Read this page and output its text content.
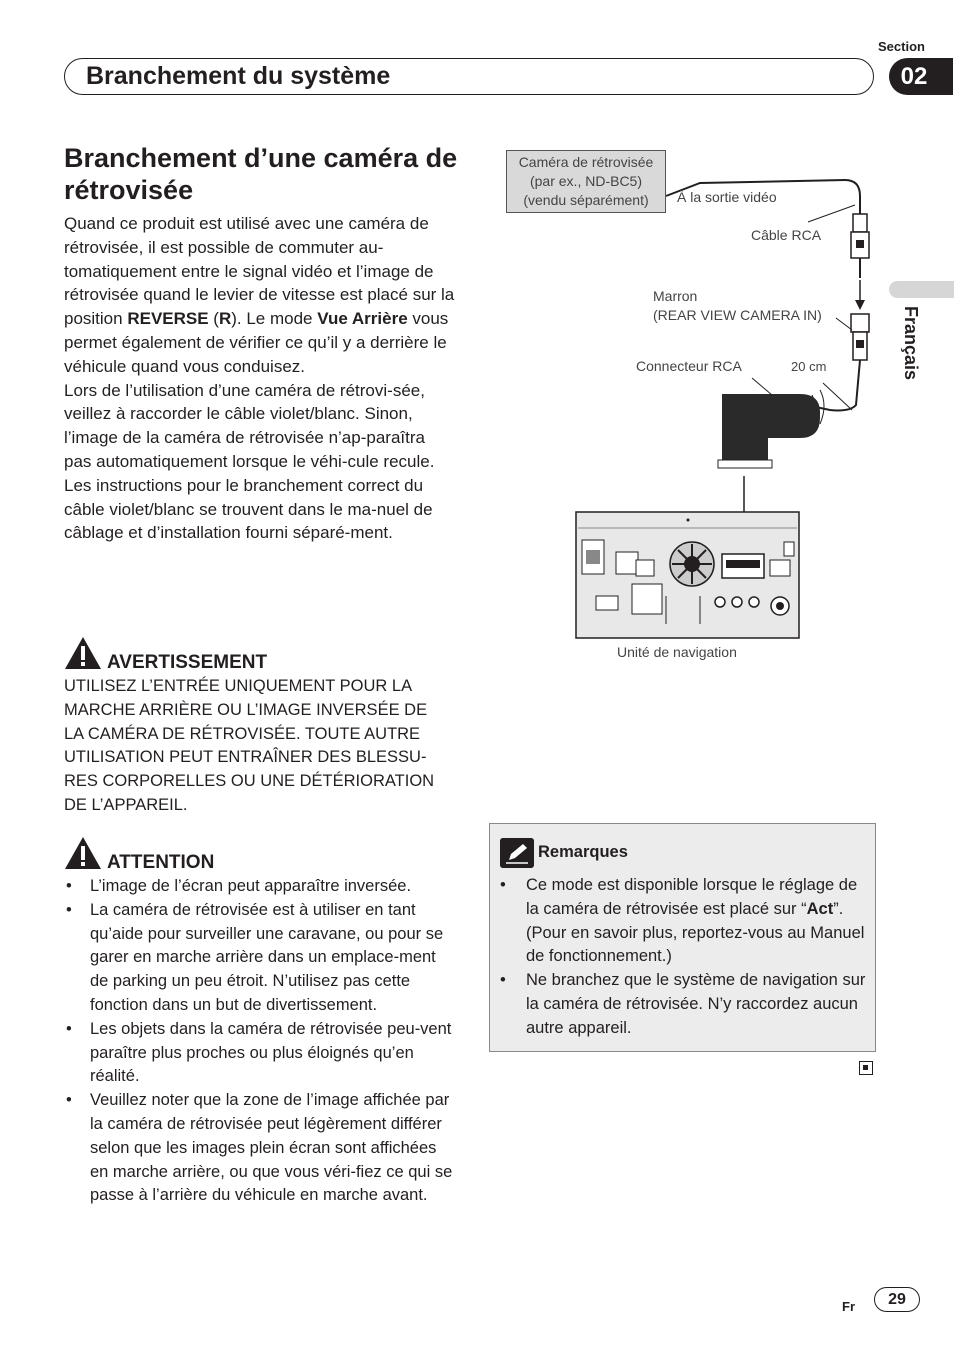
Section
Branchement du système	02
Français
Branchement d’une caméra de rétrovisée

Quand ce produit est utilisé avec une caméra de rétrovisée, il est possible de commuter au-tomatiquement entre le signal vidéo et l’image de rétrovisée quand le levier de vitesse est placé sur la position REVERSE (R). Le mode Vue Arrière vous permet également de vérifier ce qu’il y a derrière le véhicule quand vous conduisez.

Lors de l’utilisation d’une caméra de rétrovi-sée, veillez à raccorder le câble violet/blanc. Sinon, l’image de la caméra de rétrovisée n’ap-paraîtra pas automatiquement lorsque le véhi-cule recule.

Les instructions pour le branchement correct du câble violet/blanc se trouvent dans le ma-nuel de câblage et d’installation fourni séparé-ment.

AVERTISSEMENT
UTILISEZ L’ENTRÉE UNIQUEMENT POUR LA MARCHE ARRIÈRE OU L’IMAGE INVERSÉE DE LA CAMÉRA DE RÉTROVISÉE. TOUTE AUTRE UTILISATION PEUT ENTRAÎNER DES BLESSU-RES CORPORELLES OU UNE DÉTÉRIORATION DE L’APPAREIL.
ATTENTION
• L’image de l’écran peut apparaître inversée.
• La caméra de rétrovisée est à utiliser en tant qu’aide pour surveiller une caravane, ou pour se garer en marche arrière dans un emplace-ment de parking un peu étroit. N’utilisez pas cette fonction dans un but de divertissement.
• Les objets dans la caméra de rétrovisée peu-vent paraître plus proches ou plus éloignés qu’en réalité.
• Veuillez noter que la zone de l’image affichée par la caméra de rétrovisée peut légèrement différer selon que les images plein écran sont affichées en marche arrière, ou que vous véri-fiez ce qui se passe à l’arrière du véhicule en marche avant.
Caméra de rétrovisée
(par ex., ND-BC5)
(vendu séparément)	À la sortie vidéo
Câble RCA
Marron
(REAR VIEW CAMERA IN)
Connecteur RCA	20 cm
Unité de navigation
Remarques
• Ce mode est disponible lorsque le réglage de la caméra de rétrovisée est placé sur “Act”. (Pour en savoir plus, reportez-vous au Manuel de fonctionnement.)
• Ne branchez que le système de navigation sur la caméra de rétrovisée. N’y raccordez aucun autre appareil.
Fr	29
